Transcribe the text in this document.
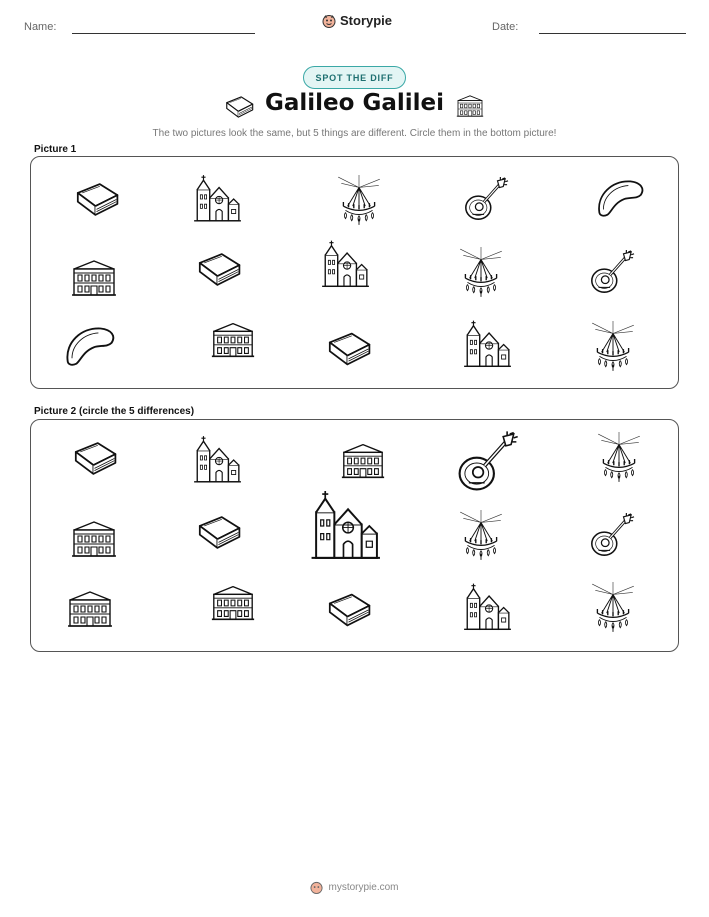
Name:	Storypie	Date:
SPOT THE DIFF
Galileo Galilei
The two pictures look the same, but 5 things are different. Circle them in the bottom picture!
Picture 1
Picture 2 (circle the 5 differences)
mystorypie.com
